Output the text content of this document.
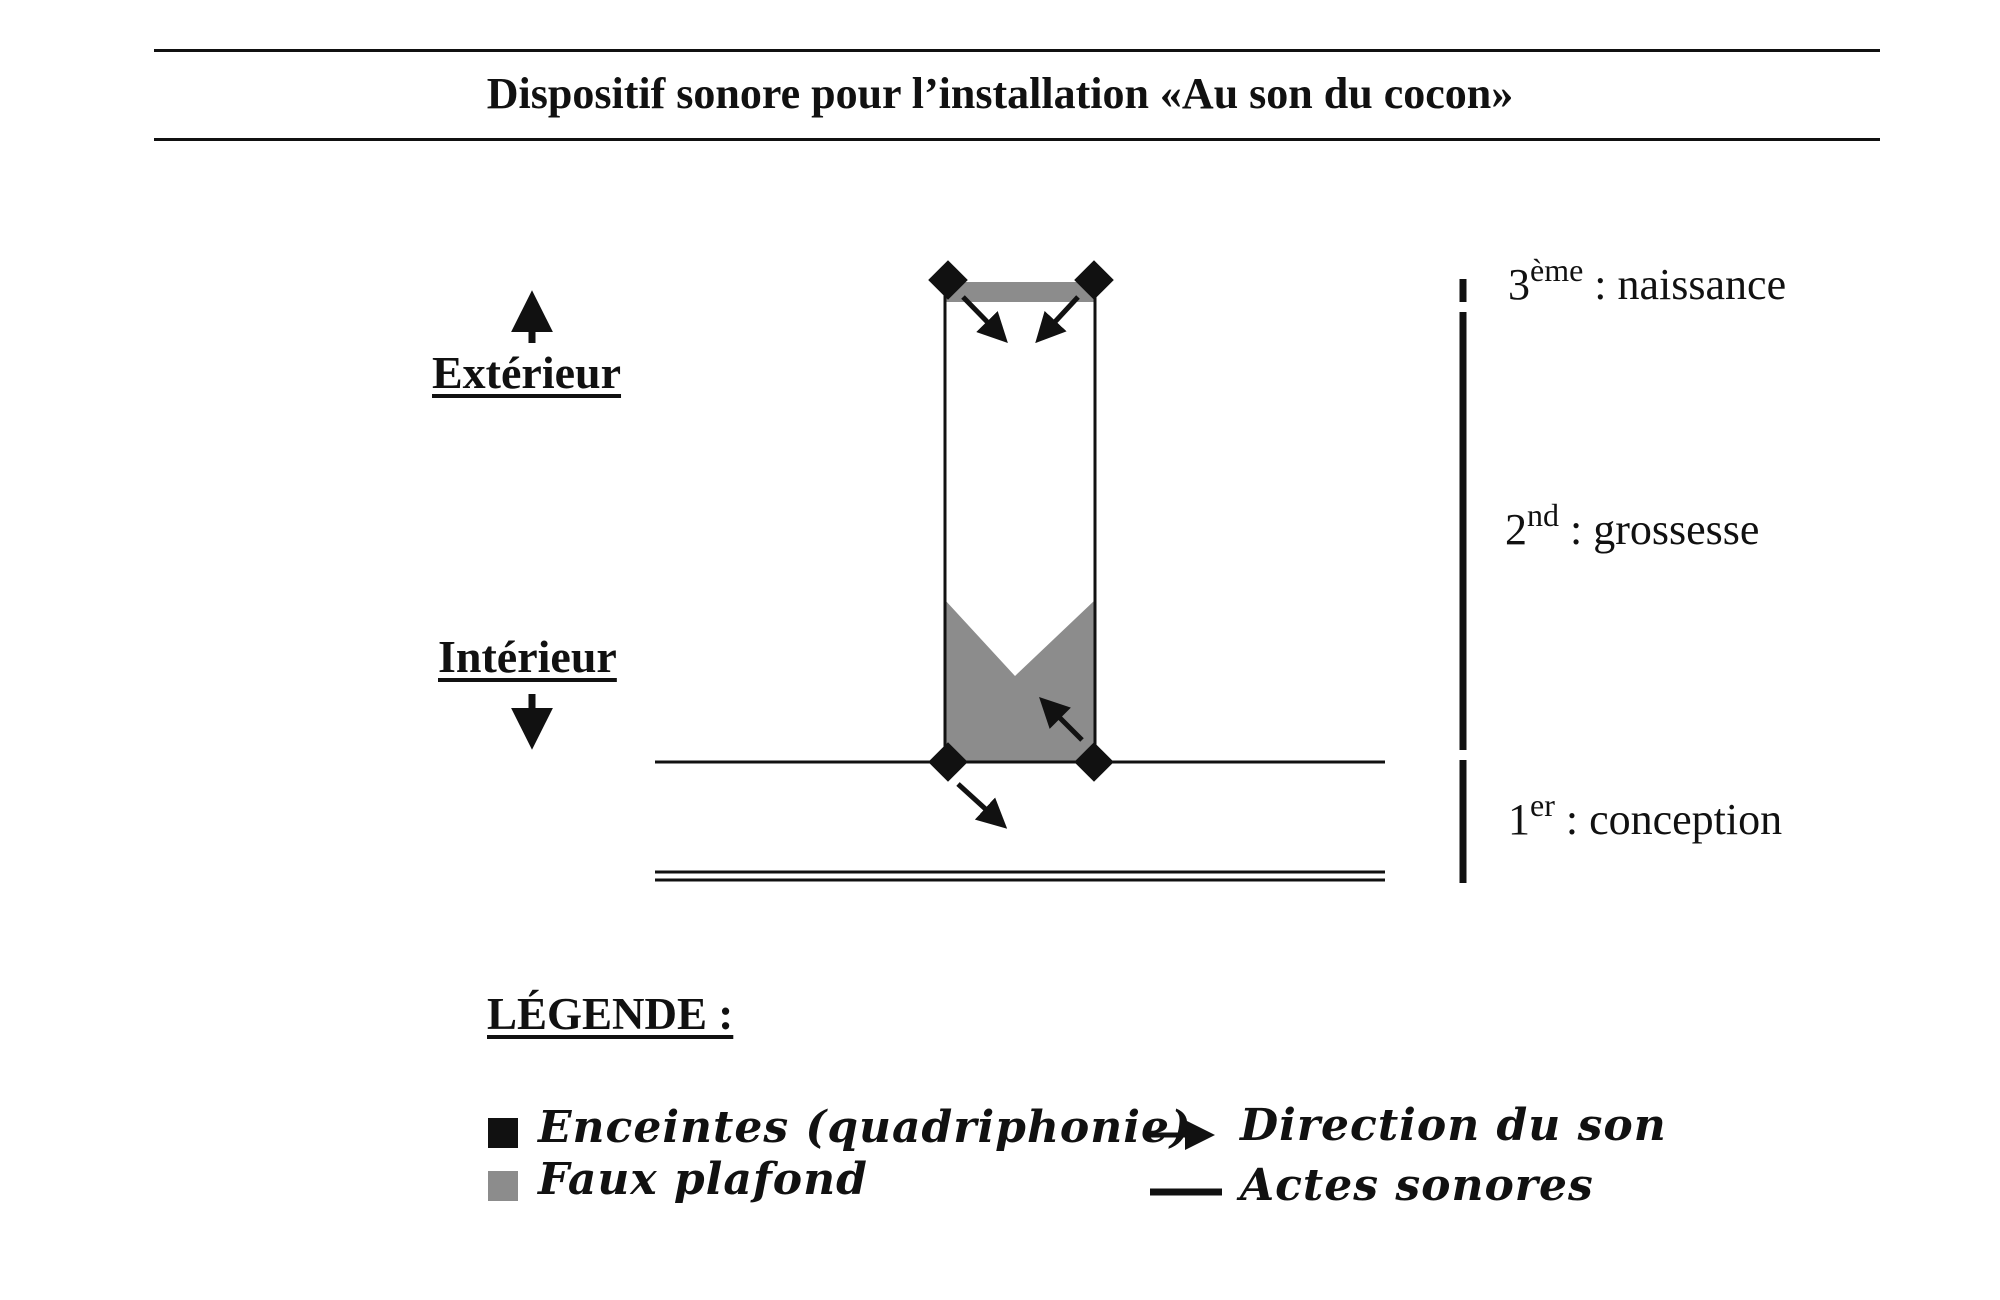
Dispositif sonore pour l’installation «Au son du cocon»
Extérieur
Intérieur
3ème : naissance
2nd : grossesse
1er : conception
LÉGENDE :
Enceintes (quadriphonie)
Faux plafond
Direction du son
Actes sonores
